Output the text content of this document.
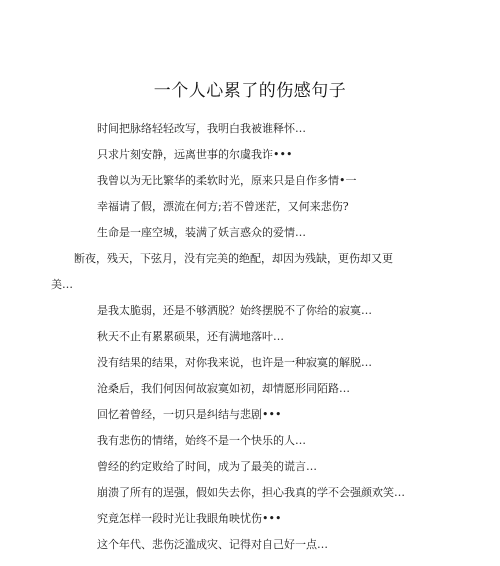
一个人心累了的伤感句子

时间把脉络轻轻改写，我明白我被谁释怀…

只求片刻安静，远离世事的尔虞我诈•••

我曾以为无比繁华的柔软时光，原来只是自作多情•一

幸福请了假，漂流在何方;若不曾迷茫，又何来悲伤?

生命是一座空城，装满了妖言惑众的爱情…

断夜，残天，下弦月，没有完美的绝配，却因为残缺，更伤却又更美…

是我太脆弱，还是不够洒脱？始终摆脱不了你给的寂寞…

秋天不止有累累硕果，还有满地落叶…

没有结果的结果，对你我来说，也许是一种寂寞的解脱…

沧桑后，我们何因何故寂寞如初，却情愿形同陌路…

回忆着曾经，一切只是纠结与悲剧•••

我有悲伤的情绪，始终不是一个快乐的人…

曾经的约定败给了时间，成为了最美的谎言…

崩溃了所有的逞强，假如失去你，担心我真的学不会强颜欢笑…

究竟怎样一段时光让我眼角映忧伤•••

这个年代、悲伤泛滥成灾、记得对自己好一点…
